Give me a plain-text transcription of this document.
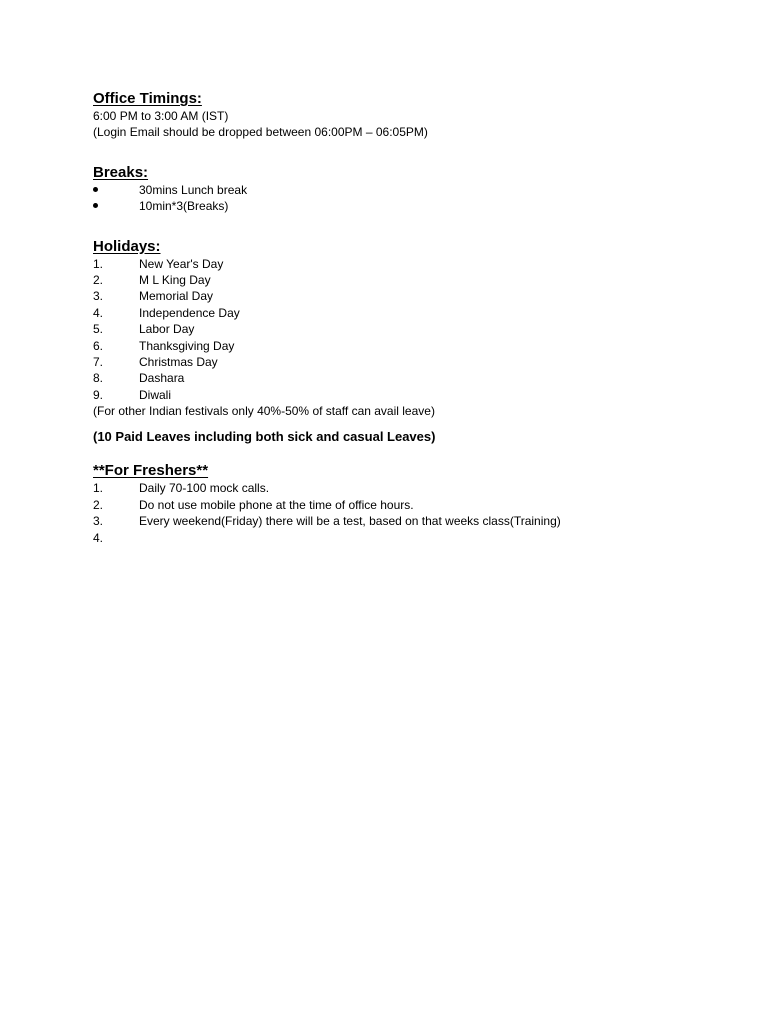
Office Timings:
6:00 PM to 3:00 AM (IST)
(Login Email should be dropped between 06:00PM – 06:05PM)
Breaks:
30mins Lunch break
10min*3(Breaks)
Holidays:
1.	New Year's Day
2.	M L King Day
3.	Memorial Day
4.	Independence Day
5.	Labor Day
6.	Thanksgiving Day
7.	Christmas Day
8.	Dashara
9.	Diwali
(For other Indian festivals only 40%-50% of staff can avail leave)
(10 Paid Leaves including both sick and casual Leaves)
**For Freshers**
1.	Daily 70-100 mock calls.
2.	Do not use mobile phone at the time of office hours.
3.	Every weekend(Friday) there will be a test, based on that weeks class(Training)
4.
